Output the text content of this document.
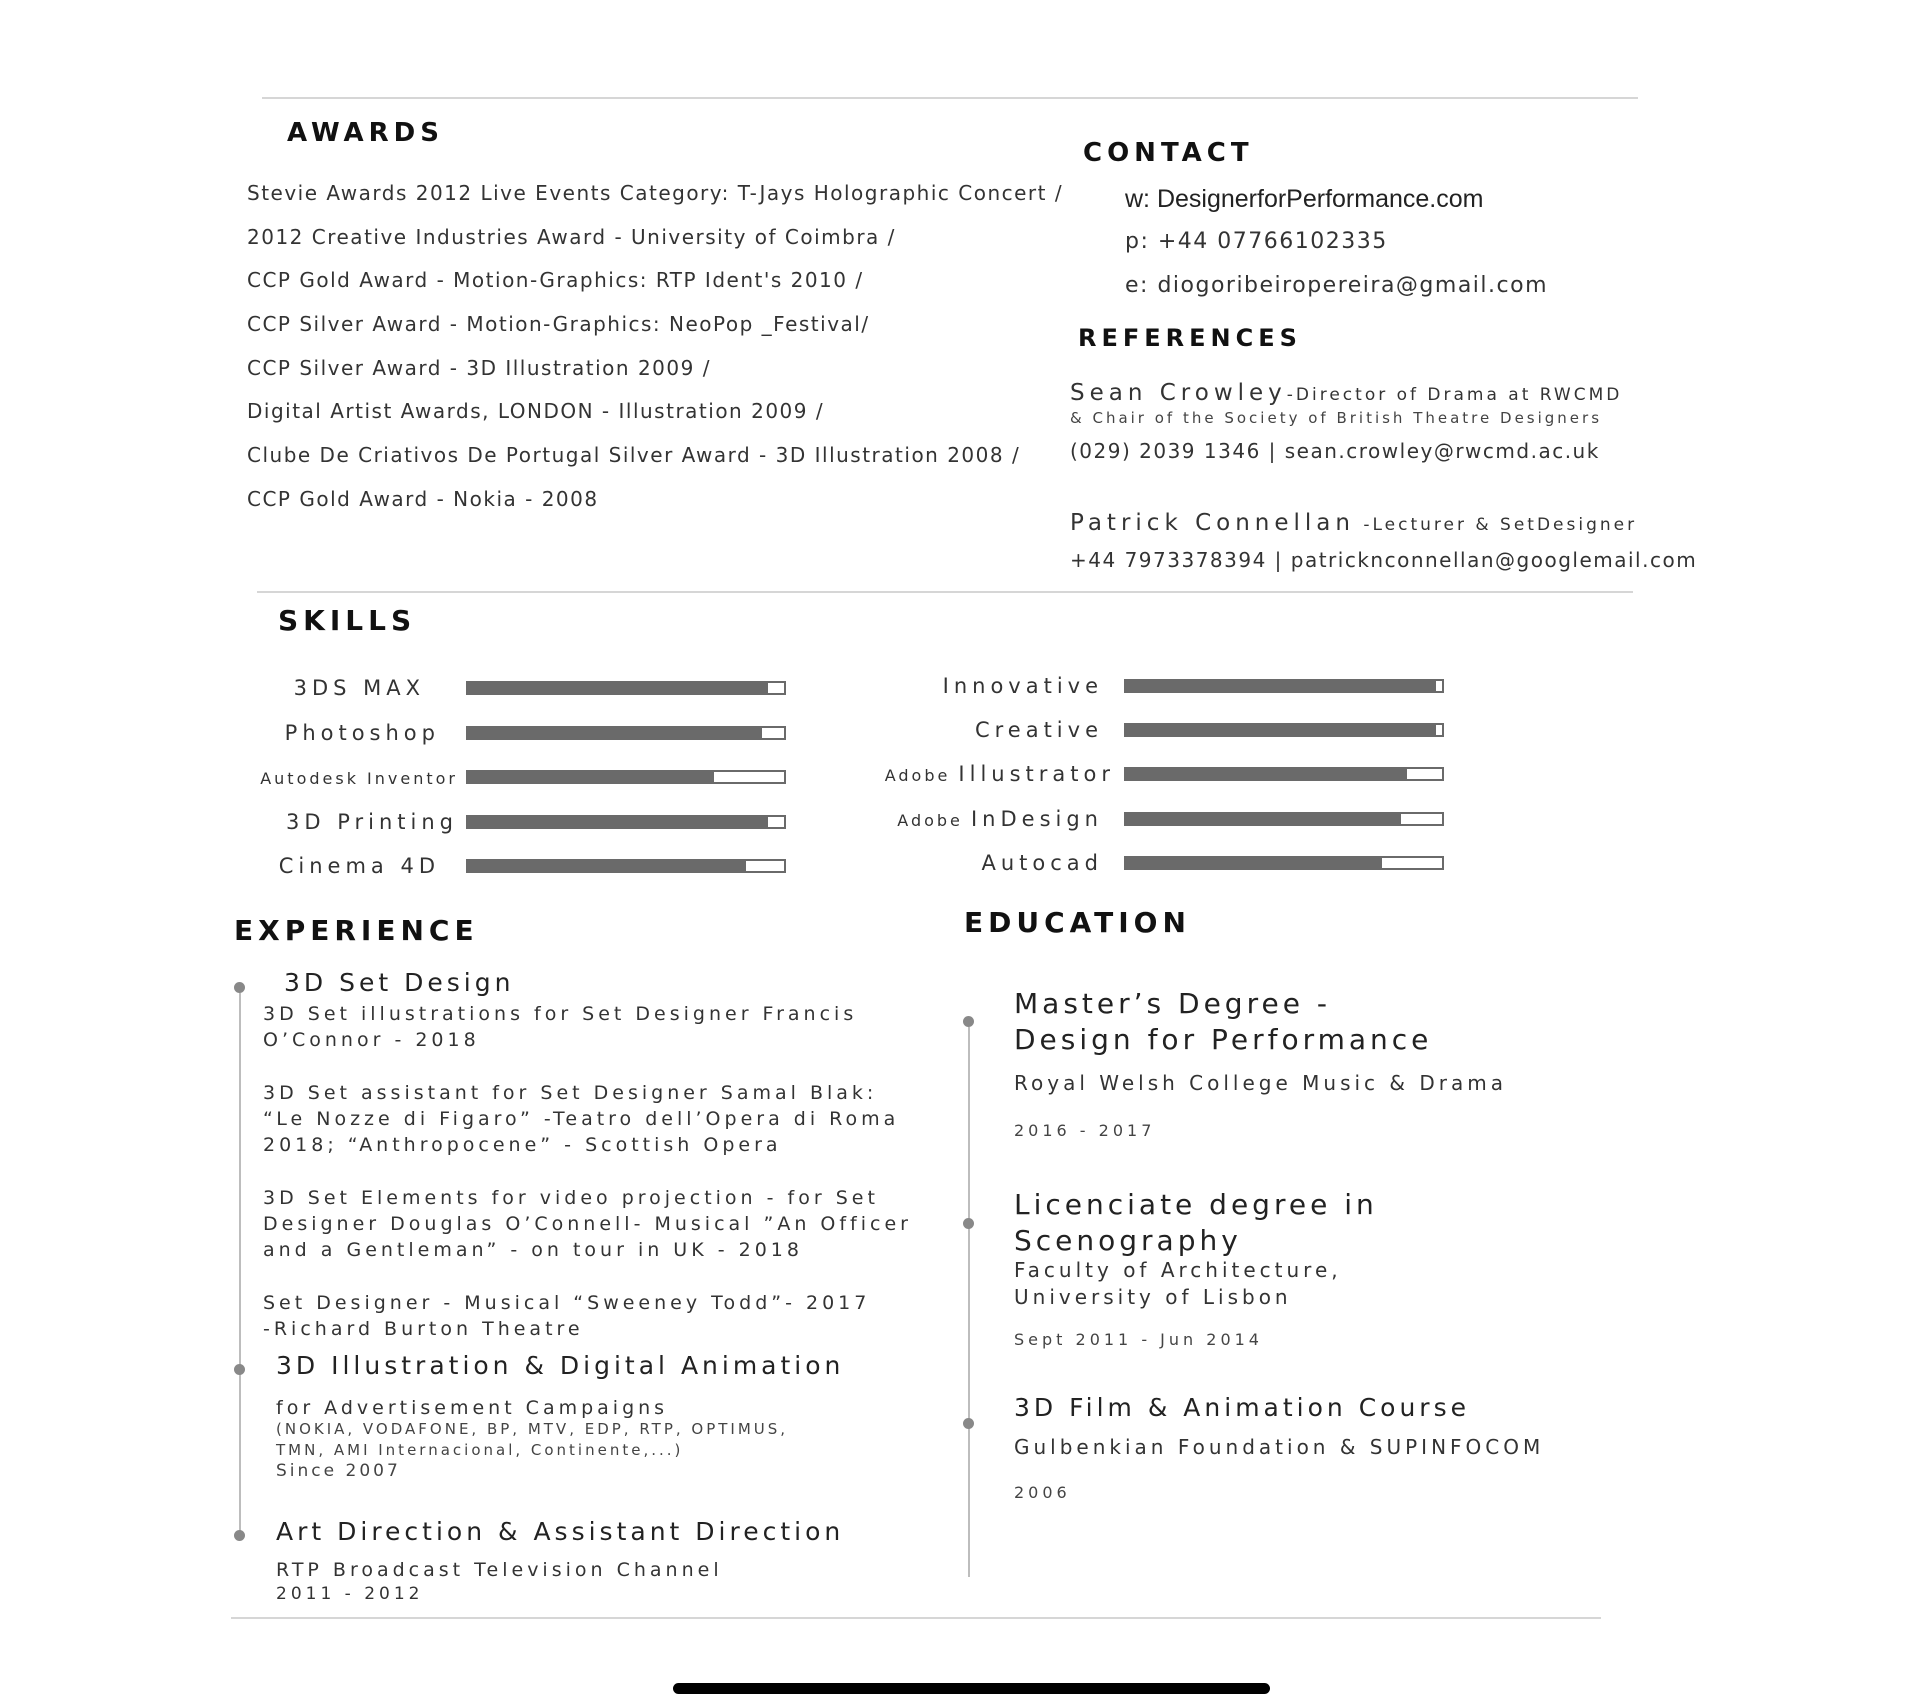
AWARDS
Stevie Awards 2012 Live Events Category: T-Jays Holographic Concert /
2012 Creative Industries Award - University of Coimbra /
CCP Gold Award - Motion-Graphics: RTP Ident's 2010 /
CCP Silver Award - Motion-Graphics: NeoPop _Festival/
CCP Silver Award - 3D Illustration 2009 /
Digital Artist Awards, LONDON - Illustration 2009 /
Clube De Criativos De Portugal Silver Award - 3D Illustration 2008 /
CCP Gold Award - Nokia - 2008
CONTACT
w: DesignerforPerformance.com
p: +44 07766102335
e: diogoribeiropereira@gmail.com
REFERENCES
Sean Crowley-Director of Drama at RWCMD
& Chair of the Society of British Theatre Designers
(029) 2039 1346 | sean.crowley@rwcmd.ac.uk
Patrick Connellan -Lecturer & SetDesigner
+44 7973378394 | patricknconnellan@googlemail.com
SKILLS
3DS MAX
Photoshop
Autodesk Inventor
3D Printing
Cinema 4D
Innovative
Creative
Adobe Illustrator
Adobe InDesign
Autocad
EXPERIENCE
3D Set Design
3D Set illustrations for Set Designer Francis
O’Connor - 2018
3D Set assistant for Set Designer Samal Blak:
“Le Nozze di Figaro” -Teatro dell’Opera di Roma
2018; “Anthropocene” - Scottish Opera
3D Set Elements for video projection - for Set
Designer Douglas O’Connell- Musical ”An Officer
and a Gentleman” - on tour in UK - 2018
Set Designer - Musical “Sweeney Todd”- 2017
-Richard Burton Theatre
3D Illustration & Digital Animation
for Advertisement Campaigns
(NOKIA, VODAFONE, BP, MTV, EDP, RTP, OPTIMUS,
TMN, AMI Internacional, Continente,...)
Since 2007
Art Direction & Assistant Direction
RTP Broadcast Television Channel
2011 - 2012
EDUCATION
Master’s Degree -
Design for Performance
Royal Welsh College Music & Drama
2016 - 2017
Licenciate degree in
Scenography
Faculty of Architecture,
University of Lisbon
Sept 2011 - Jun 2014
3D Film & Animation Course
Gulbenkian Foundation & SUPINFOCOM
2006
